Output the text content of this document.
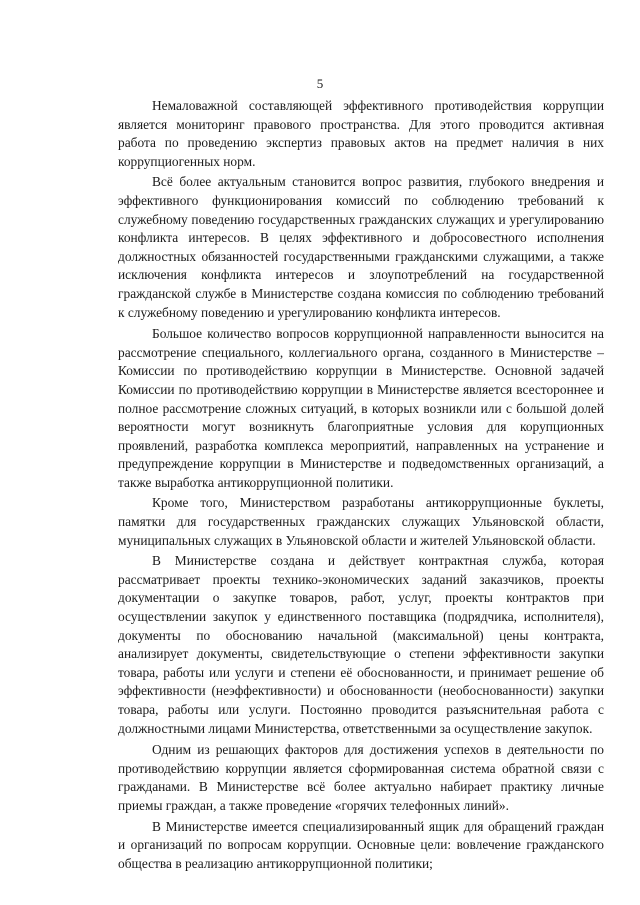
5

Немаловажной составляющей эффективного противодействия коррупции является мониторинг правового пространства. Для этого проводится активная работа по проведению экспертиз правовых актов на предмет наличия в них коррупциогенных норм.

Всё более актуальным становится вопрос развития, глубокого внедрения и эффективного функционирования комиссий по соблюдению требований к служебному поведению государственных гражданских служащих и урегулированию конфликта интересов. В целях эффективного и добросовестного исполнения должностных обязанностей государственными гражданскими служащими, а также исключения конфликта интересов и злоупотреблений на государственной гражданской службе в Министерстве создана комиссия по соблюдению требований к служебному поведению и урегулированию конфликта интересов.

Большое количество вопросов коррупционной направленности выносится на рассмотрение специального, коллегиального органа, созданного в Министерстве – Комиссии по противодействию коррупции в Министерстве. Основной задачей Комиссии по противодействию коррупции в Министерстве является всестороннее и полное рассмотрение сложных ситуаций, в которых возникли или с большой долей вероятности могут возникнуть благоприятные условия для корупционных проявлений, разработка комплекса мероприятий, направленных на устранение и предупреждение коррупции в Министерстве и подведомственных организаций, а также выработка антикоррупционной политики.

Кроме того, Министерством разработаны антикоррупционные буклеты, памятки для государственных гражданских служащих Ульяновской области, муниципальных служащих в Ульяновской области и жителей Ульяновской области.

В Министерстве создана и действует контрактная служба, которая рассматривает проекты технико-экономических заданий заказчиков, проекты документации о закупке товаров, работ, услуг, проекты контрактов при осуществлении закупок у единственного поставщика (подрядчика, исполнителя), документы по обоснованию начальной (максимальной) цены контракта, анализирует документы, свидетельствующие о степени эффективности закупки товара, работы или услуги и степени её обоснованности, и принимает решение об эффективности (неэффективности) и обоснованности (необоснованности) закупки товара, работы или услуги. Постоянно проводится разъяснительная работа с должностными лицами Министерства, ответственными за осуществление закупок.

Одним из решающих факторов для достижения успехов в деятельности по противодействию коррупции является сформированная система обратной связи с гражданами. В Министерстве всё более актуально набирает практику личные приемы граждан, а также проведение «горячих телефонных линий».

В Министерстве имеется специализированный ящик для обращений граждан и организаций по вопросам коррупции. Основные цели: вовлечение гражданского общества в реализацию антикоррупционной политики;
